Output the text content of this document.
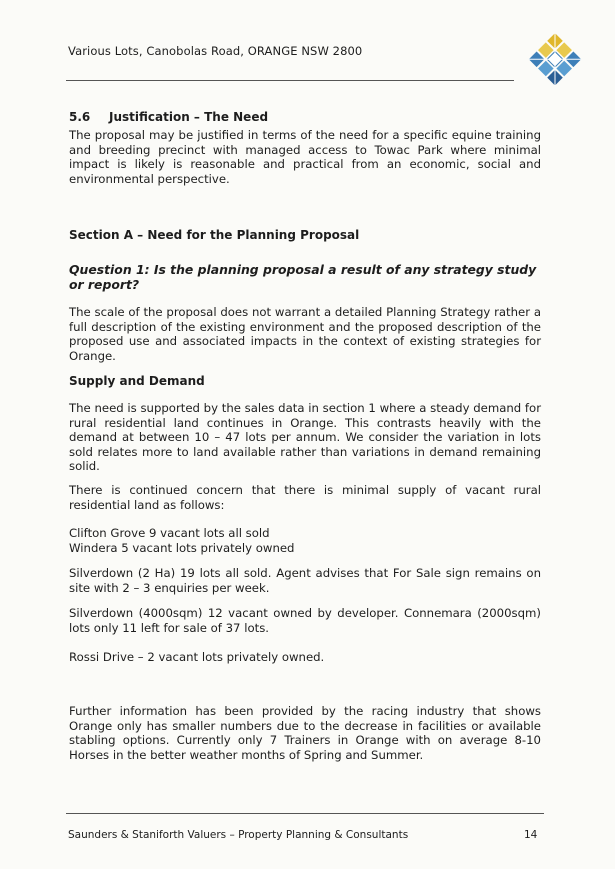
Various Lots, Canobolas Road, ORANGE NSW 2800
5.6 Justification – The Need
The proposal may be justified in terms of the need for a specific equine training and breeding precinct with managed access to Towac Park where minimal impact is likely is reasonable and practical from an economic, social and environmental perspective.
Section A – Need for the Planning Proposal
Question 1: Is the planning proposal a result of any strategy study or report?
The scale of the proposal does not warrant a detailed Planning Strategy rather a full description of the existing environment and the proposed description of the proposed use and associated impacts in the context of existing strategies for Orange.
Supply and Demand
The need is supported by the sales data in section 1 where a steady demand for rural residential land continues in Orange. This contrasts heavily with the demand at between 10 – 47 lots per annum. We consider the variation in lots sold relates more to land available rather than variations in demand remaining solid.
There is continued concern that there is minimal supply of vacant rural residential land as follows:
Clifton Grove 9 vacant lots all sold
Windera 5 vacant lots privately owned
Silverdown (2 Ha) 19 lots all sold. Agent advises that For Sale sign remains on site with 2 – 3 enquiries per week.
Silverdown (4000sqm) 12 vacant owned by developer. Connemara (2000sqm) lots only 11 left for sale of 37 lots.
Rossi Drive – 2 vacant lots privately owned.
Further information has been provided by the racing industry that shows Orange only has smaller numbers due to the decrease in facilities or available stabling options. Currently only 7 Trainers in Orange with on average 8-10 Horses in the better weather months of Spring and Summer.
Saunders & Staniforth Valuers – Property Planning & Consultants	14
